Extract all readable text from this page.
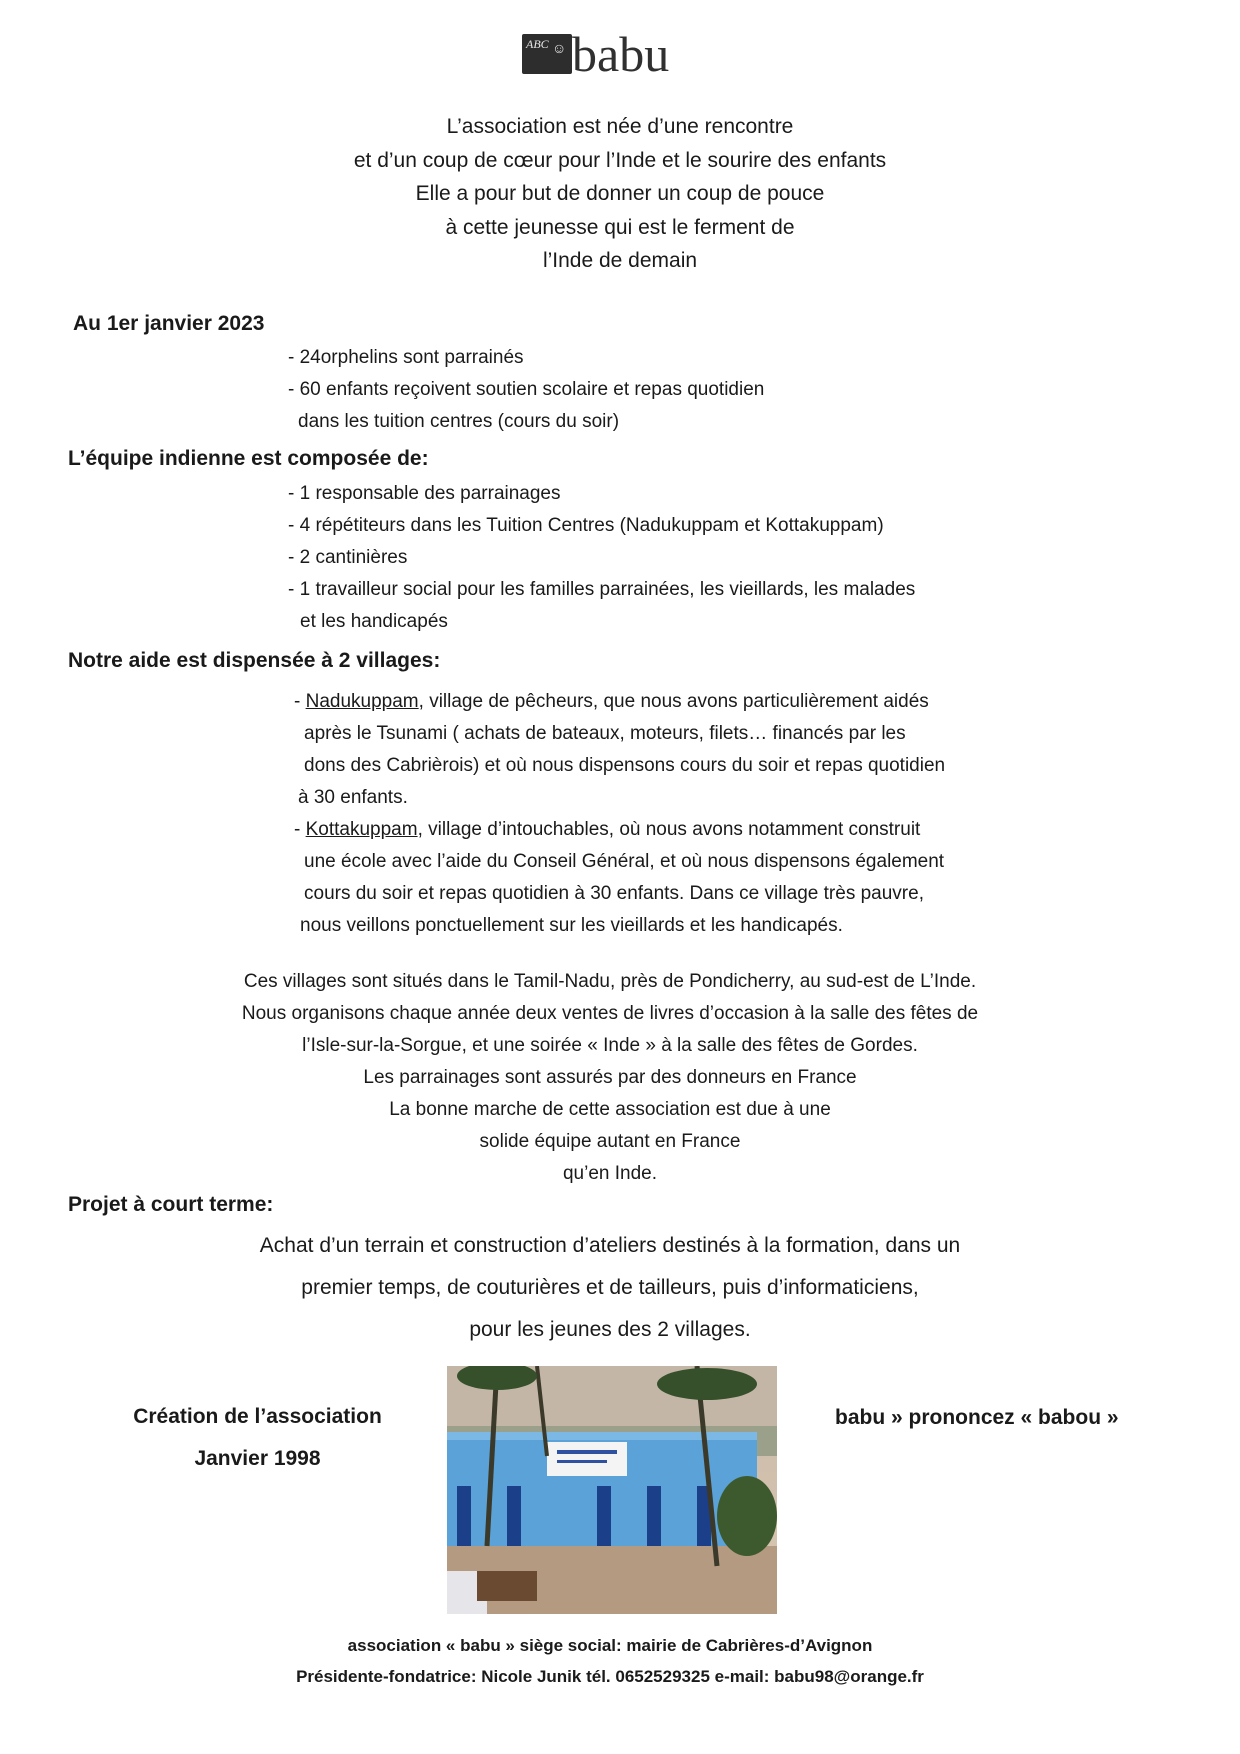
ABC ☺ babu
L’association est née d’une rencontre
et d’un coup de cœur pour l’Inde et le sourire des enfants
Elle a pour but de donner un coup de pouce
à cette jeunesse qui est le ferment de
l’Inde de demain
Au 1er janvier 2023
- 24orphelins sont parrainés
- 60 enfants reçoivent soutien scolaire et repas quotidien
dans les tuition centres (cours du soir)
L’équipe indienne est composée de:
- 1 responsable des parrainages
- 4 répétiteurs dans les Tuition Centres (Nadukuppam et Kottakuppam)
- 2 cantinières
- 1 travailleur social pour les familles parrainées, les vieillards, les malades
et les handicapés
Notre aide est dispensée à 2 villages:
- Nadukuppam, village de pêcheurs, que nous avons particulièrement aidés
après le Tsunami ( achats de bateaux, moteurs, filets… financés par les
dons des Cabrièrois) et où nous dispensons cours du soir et repas quotidien
à 30 enfants.
- Kottakuppam, village d’intouchables, où nous avons notamment construit
une école avec l’aide du Conseil Général, et où nous dispensons également
cours du soir et repas quotidien à 30 enfants. Dans ce village très pauvre,
nous veillons ponctuellement sur les vieillards et les handicapés.
Ces villages sont situés dans le Tamil-Nadu, près de Pondicherry, au sud-est de L’Inde.
Nous organisons chaque année deux ventes de livres d’occasion à la salle des fêtes de
l’Isle-sur-la-Sorgue, et une soirée « Inde » à la salle des fêtes de Gordes.
Les parrainages sont assurés par des donneurs en France
La bonne marche de cette association est due à une
solide équipe autant en France
qu’en Inde.
Projet à court terme:
Achat d’un terrain et construction d’ateliers destinés à la formation, dans un
premier temps, de couturières et de tailleurs, puis d’informaticiens,
pour les jeunes des 2 villages.
Création de l’association
Janvier 1998
babu » prononcez « babou »
association « babu » siège social: mairie de Cabrières-d’Avignon
Présidente-fondatrice: Nicole Junik tél. 0652529325 e-mail: babu98@orange.fr
